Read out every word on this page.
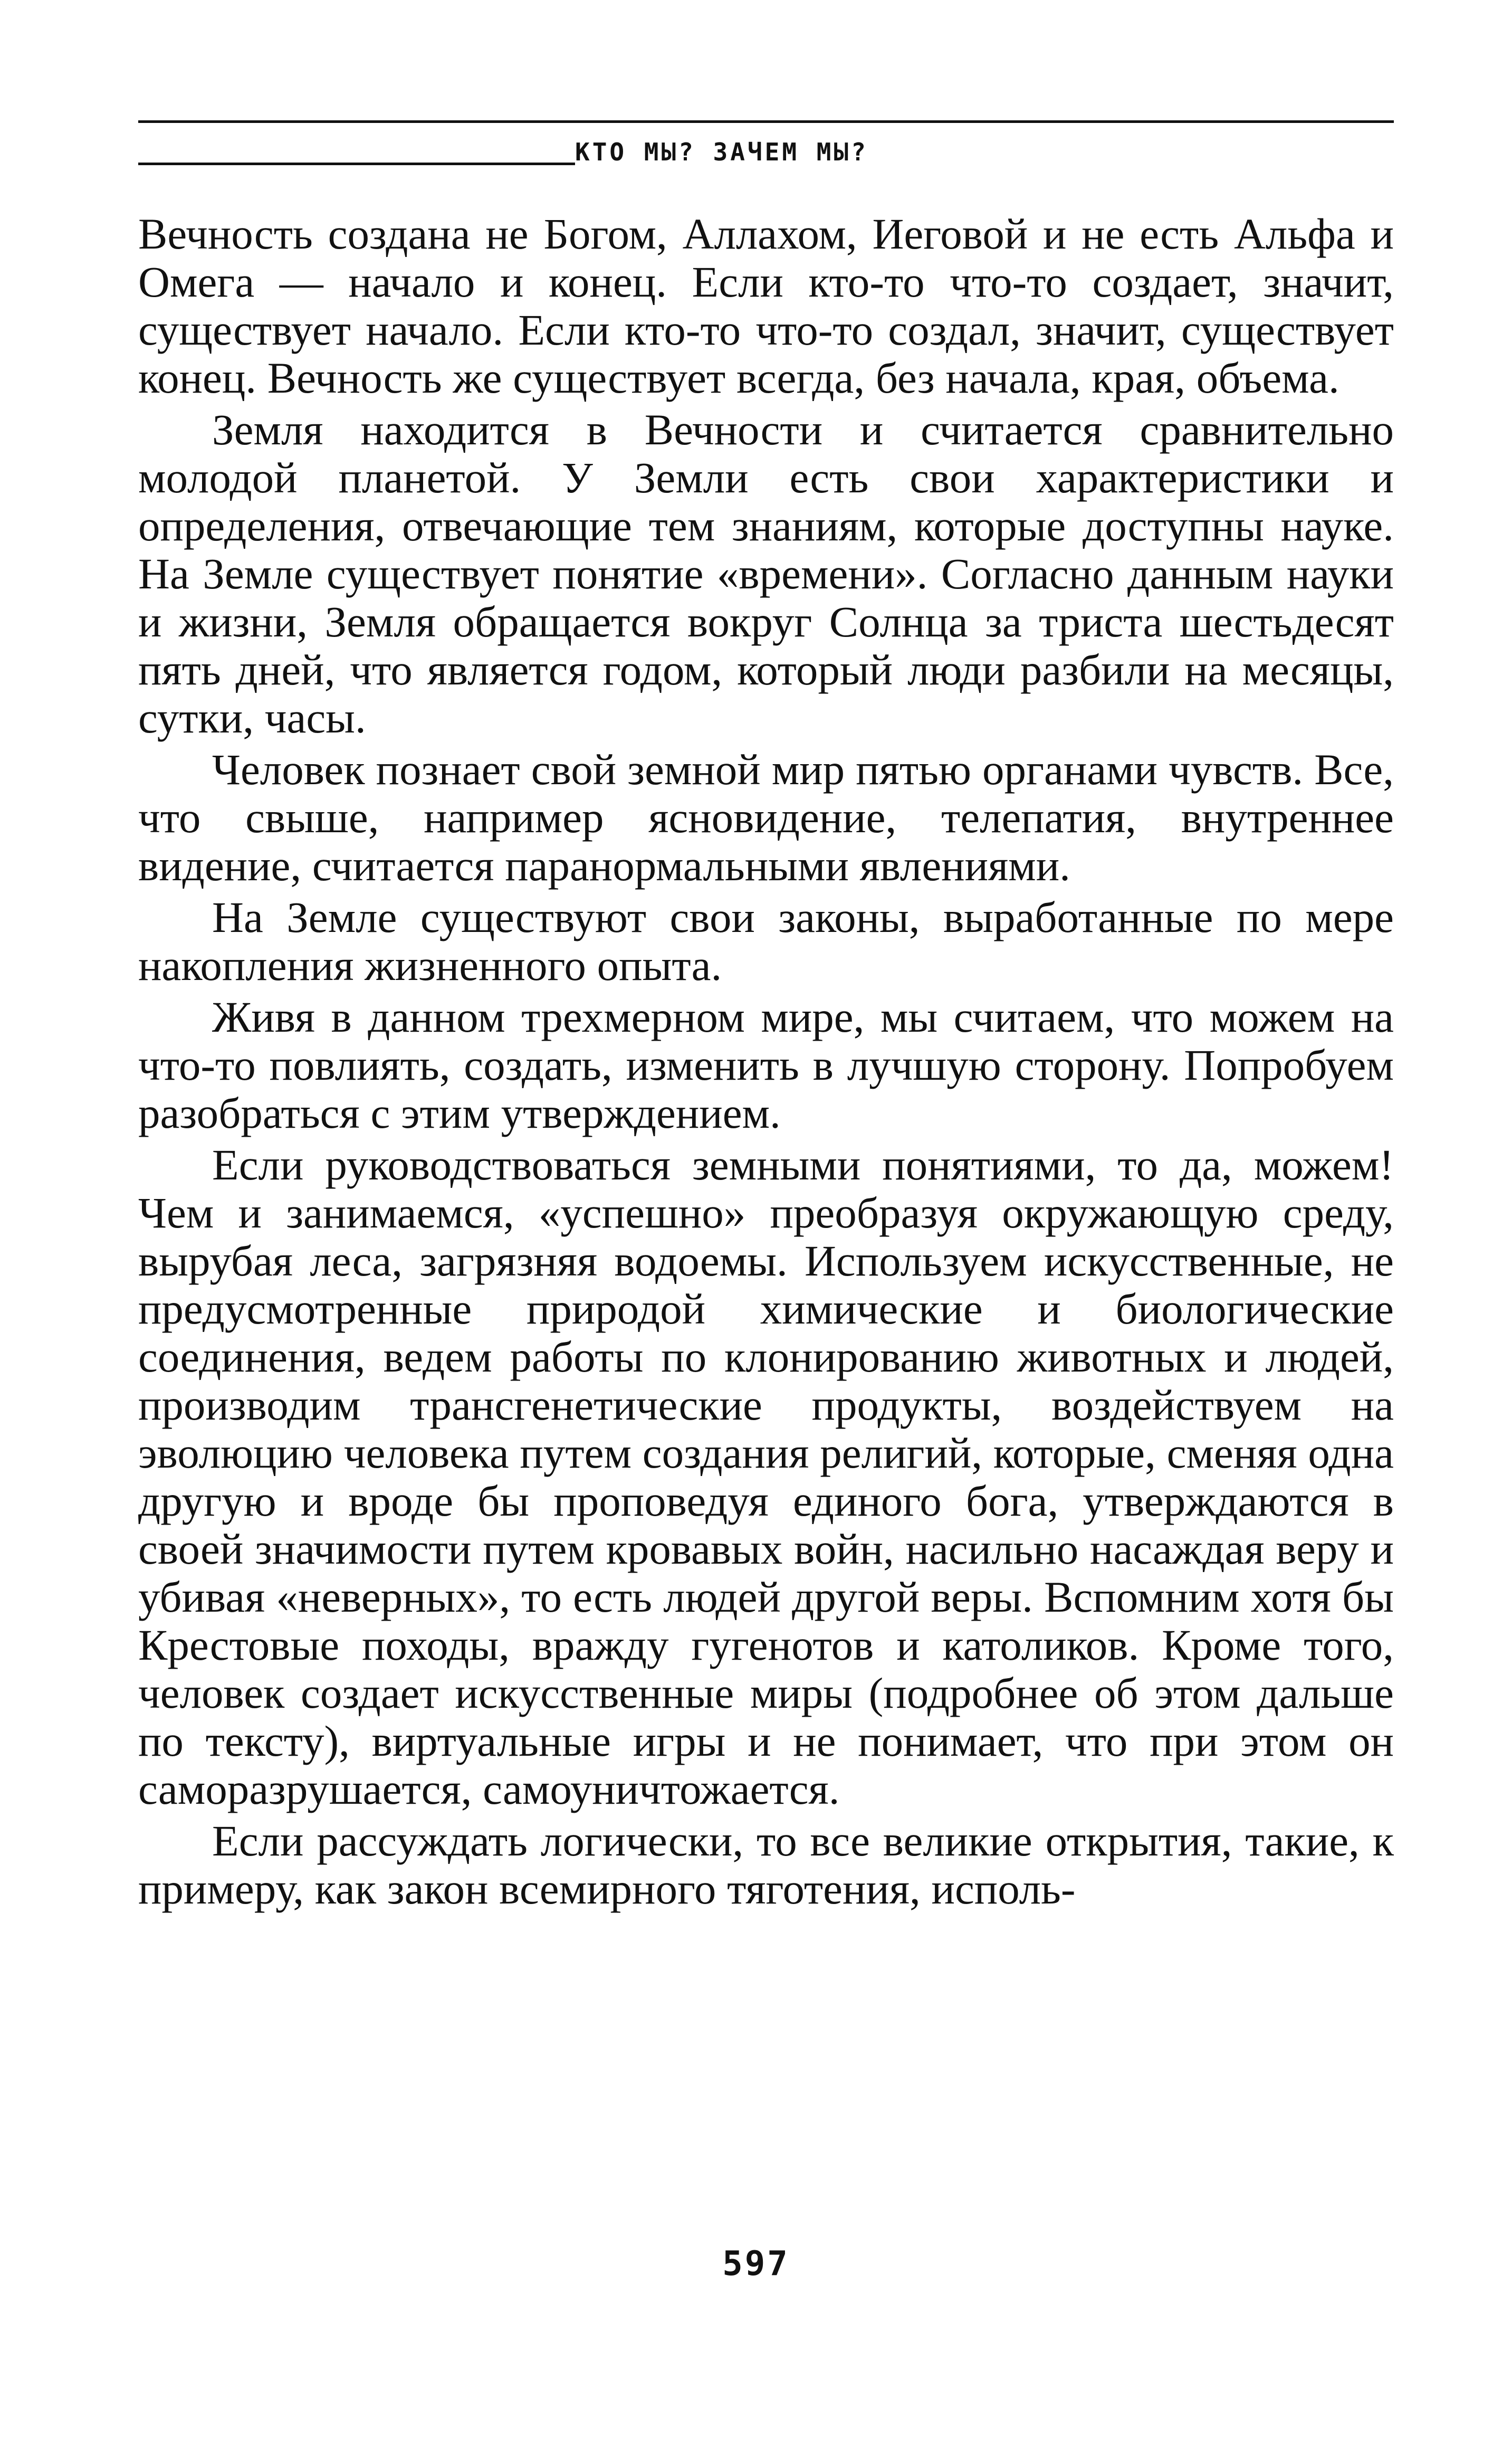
КТО МЫ? ЗАЧЕМ МЫ?

Вечность создана не Богом, Аллахом, Иеговой и не есть Альфа и Омега — начало и конец. Если кто-то что-то создает, значит, существует начало. Если кто-то что-то создал, значит, существует конец. Вечность же существует всегда, без начала, края, объема.

Земля находится в Вечности и считается сравнительно молодой планетой. У Земли есть свои характеристики и определения, отвечающие тем знаниям, которые доступны науке. На Земле существует понятие «времени». Согласно данным науки и жизни, Земля обращается вокруг Солнца за триста шестьдесят пять дней, что является годом, который люди разбили на месяцы, сутки, часы.

Человек познает свой земной мир пятью органами чувств. Все, что свыше, например ясновидение, телепатия, внутреннее видение, считается паранормальными явлениями.

На Земле существуют свои законы, выработанные по мере накопления жизненного опыта.

Живя в данном трехмерном мире, мы считаем, что можем на что-то повлиять, создать, изменить в лучшую сторону. Попробуем разобраться с этим утверждением.

Если руководствоваться земными понятиями, то да, можем! Чем и занимаемся, «успешно» преобразуя окружающую среду, вырубая леса, загрязняя водоемы. Используем искусственные, не предусмотренные природой химические и биологические соединения, ведем работы по клонированию животных и людей, производим трансгенетические продукты, воздействуем на эволюцию человека путем создания религий, которые, сменяя одна другую и вроде бы проповедуя единого бога, утверждаются в своей значимости путем кровавых войн, насильно насаждая веру и убивая «неверных», то есть людей другой веры. Вспомним хотя бы Крестовые походы, вражду гугенотов и католиков. Кроме того, человек создает искусственные миры (подробнее об этом дальше по тексту), виртуальные игры и не понимает, что при этом он саморазрушается, самоуничтожается.

Если рассуждать логически, то все великие открытия, такие, к примеру, как закон всемирного тяготения, исполь-

597
